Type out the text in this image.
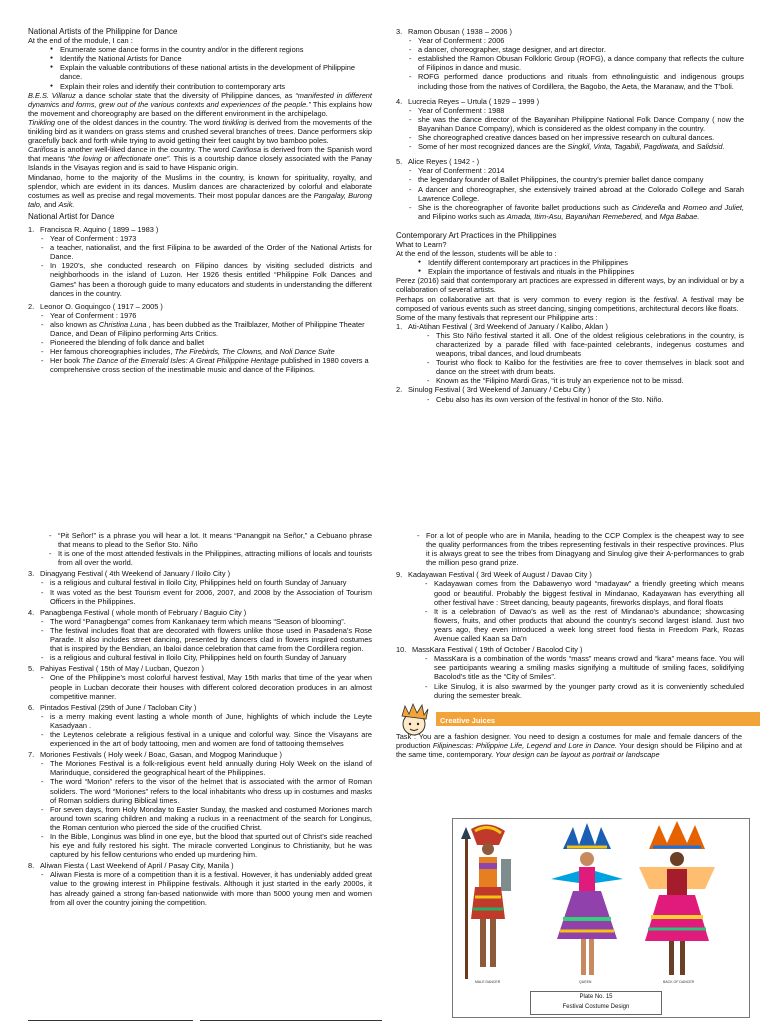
National Artists of the Philippine for Dance

At the end of the module, I can :

● Enumerate some dance forms in the country and/or in the different regions
● Identify the National Artists for Dance
● Explain the valuable contributions of these national artists in the development of Philippine dance.
● Explain their roles and identify their contribution to contemporary arts

B.E.S. Villaruz a dance scholar state that the diversity of Philippine dances, as “manifested in different dynamics and forms, grew out of the various contexts and experiences of the people.” This explains how the movement and choreography are based on the different environment in the archipelago.

Tinikling one of the oldest dances in the country. The word tinikling is derived from the movements of the tinikling bird as it wanders on grass stems and crushed several branches of trees. Dance performers skip gracefully back and forth while trying to avoid getting their feet caught by two bamboo poles.

Cariñosa is another well-liked dance in the country. The word Cariñosa is derived from the Spanish word that means “the loving or affectionate one”. This is a courtship dance closely associated with the Panay Islands in the Visayas region and is said to have Hispanic origin.

Mindanao, home to the majority of the Muslims in the country, is known for spirituality, royalty, and splendor, which are evident in its dances. Muslim dances are characterized by colorful and elaborate costumes as well as precise and regal movements. Their most popular dances are the Pangalay, Burong talo, and Asik.

National Artist for Dance

1. Francisca R. Aquino ( 1899 – 1983 )

- Year of Conferment : 1973
- a teacher, nationalist, and the first Filipina to be awarded of the Order of the National Artists for Dance.
- In 1920’s, she conducted research on Filipino dances by visiting secluded districts and neighborhoods in the island of Luzon. Her 1926 thesis entitled “Philippine Folk Dances and Games” has been a thorough guide to many educators and students in understanding the different dances in the country.
2. Leonor O. Goquingco ( 1917 – 2005 )

- Year of Conferment : 1976
- also known as Christina Luna , has been dubbed as the Trailblazer, Mother of Philippine Theater Dance, and Dean of Filipino performing Arts Critics.
- Pioneered the blending of folk dance and ballet
- Her famous choreographies includes, The Firebirds, The Clowns, and Noli Dance Suite
- Her book The Dance of the Emerald Isles: A Great Philippine Heritage published in 1980 covers a comprehensive cross section of the inestimable music and dance of the Filipinos.
3. Ramon Obusan ( 1938 – 2006 )

- Year of Conferment : 2006
- a dancer, choreographer, stage designer, and art director.
- established the Ramon Obusan Folkloric Group (ROFG), a dance company that reflects the culture of Filipinos in dance and music.
- ROFG performed dance productions and rituals from ethnolinguistic and indigenous groups including those from the natives of Cordillera, the Bagobo, the Aeta, the Maranaw, and the T’boli.
4. Lucrecia Reyes – Urtula ( 1929 – 1999 )

- Year of Conferment : 1988
- she was the dance director of the Bayanihan Philippine National Folk Dance Company ( now the Bayanihan Dance Company), which is considered as the oldest company in the country.
- She choreographed creative dances based on her impressive research on cultural dances.
- Some of her most recognized dances are the Singkil, Vinta, Tagabili, Pagdiwata, and Salidsid.
5. Alice Reyes ( 1942 - )

- Year of Conferment : 2014
- the legendary founder of Ballet Philippines, the country’s premier ballet dance company
- A dancer and choreographer, she extensively trained abroad at the Colorado College and Sarah Lawrence College.
- She is the choreographer of favorite ballet productions such as Cinderella and Romeo and Juliet, and Filipino works such as Amada, Itim-Asu, Bayanihan Remebered, and Mga Babae.

Contemporary Art Practices in the Philippines

What to Learn?

At the end of the lesson, students will be able to :

● Identify different contemporary art practices in the Philippines
● Explain the importance of festivals and rituals in the Philippines

Perez (2016) said that contemporary art practices are expressed in different ways, by an individual or by a collaboration of several artists.

Perhaps on collaborative art that is very common to every region is the festival. A festival may be composed of various events such as street dancing, singing competitions, architectural decors like floats.

Some of the many festivals that represent our Philippine arts :

1. Ati-Atihan Festival ( 3rd Weekend of January / Kalibo, Aklan )

- This Sto Niño festival started it all. One of the oldest religious celebrations in the country, is characterized by a parade filled with face-painted celebrants, indegenus costumes and weapons, tribal dances, and loud drumbeats
- Tourist who flock to Kalibo for the festivities are free to cover themselves in black soot and dance on the street with drum beats.
- Known as the “Filipino Mardi Gras, “it is truly an experience not to be missd.
2. Sinulog Festival ( 3rd Weekend of January / Cebu City )

- Cebu also has its own version of the festival in honor of the Sto. Niño.
- “Pit Señor!” is a phrase you will hear a lot. It means “Panangpit na Señor,” a Cebuano phrase that means to plead to the Señor Sto. Niño
- It is one of the most attended festivals in the Philippines, attracting millions of locals and tourists from all over the world.
3. Dinagyang Festival ( 4th Weekend of January / Iloilo City )

- is a religious and cultural festival in Iloilo City, Philippines held on fourth Sunday of January
- It was voted as the best Tourism event for 2006, 2007, and 2008 by the Association of Tourism Officers in the Philippines.
4. Panagbenga Festival ( whole month of February / Baguio City )

- The word “Panagbenga” comes from Kankanaey term which means “Season of blooming”.
- The festival includes float that are decorated with flowers unlike those used in Pasadena’s Rose Parade. It also includes street dancing, presented by dancers clad in flowers inspired costumes that is inspired by the Bendian, an Ibaloi dance celebration that came from the Cordillera region.
- is a religious and cultural festival in Iloilo City, Philippines held on fourth Sunday of January
5. Pahiyas Festival ( 15th of May / Lucban, Quezon )

- One of the Philippine’s most colorful harvest festival, May 15th marks that time of the year when people in Lucban decorate their houses with different colored decoration produces in an almost competitive manner.
6. Pintados Festival (29th of June / Tacloban City )

- is a merry making event lasting a whole month of June, highlights of which include the Leyte Kasadyaan .
- the Leytenos celebrate a religious festival in a unique and colorful way. Since the Visayans are experienced in the art of body tattooing, men and women are fond of tattooing themselves
7. Moriones Festivals ( Holy week / Boac, Gasan, and Mogpog Marinduque )

- The Moriones Festival is a folk-religious event held annually during Holy Week on the island of Marinduque, considered the geographical heart of the Philippines.
- The word “Morion” refers to the visor of the helmet that is associated with the armor of Roman soliders. The word “Moriones” refers to the local inhabitants who dress up in costumes and masks of Roman soldiers during Biblical times.
- For seven days, from Holy Monday to Easter Sunday, the masked and costumed Moriones march around town scaring children and making a ruckus in a reenactment of the search for Longinus, the Roman centurion who pierced the side of the crucified Christ.
- In the Bible, Longinus was blind in one eye, but the blood that spurted out of Christ’s side reached his eye and fully restored his sight. The miracle converted Longinus to Christianity, but he was captured by his fellow centurions who ended up murdering him.
8. Aliwan Fiesta ( Last Weekend of April / Pasay City, Manila )

- Aliwan Fiesta is more of a competition than it is a festival. However, it has undeniably added great value to the growing interest in Philippine festivals. Although it just started in the early 2000s, it has already gained a strong fan-based nationwide with more than 5000 young men and women from all over the country joining the competition.
- For a lot of people who are in Manila, heading to the CCP Complex is the cheapest way to see the quality performances from the tribes representing festivals in their respective provinces. Plus it is always great to see the tribes from Dinagyang and Sinulog give their A-performances to grab the million peso grand prize.
9. Kadayawan Festival ( 3rd Week of August / Davao City )

- Kadayawan comes from the Dabawenyo word “madayaw” a friendly greeting which means good or beautiful. Probably the biggest festival in Mindanao, Kadayawan has everything all other festival have : Street dancing, beauty pageants, fireworks displays, and floral floats
- It is a celebration of Davao’s as well as the rest of Mindanao’s abundance; showcasing flowers, fruits, and other products that abound the country’s second largest island. Just two years ago, they even introduced a week long street food fiesta in Freedom Park, Rozas Avenue called Kaan sa Da’n
10. MassKara Festival ( 19th of October / Bacolod City )

- MassKara is a combination of the words “mass” means crowd and “kara” means face. You will see participants wearing a smiling masks signifying a multitude of smiling faces, solidifying Bacolod’s title as the “City of Smiles”.
- Like Sinulog, it is also swarmed by the younger party crowd as it is conveniently scheduled during the semester break.
Creative Juices
Task : You are a fashion designer. You need to design a costumes for male and female dancers of the production Filipinescas: Philippine Life, Legend and Lore in Dance. Your design should be Filipino and at the same time, contemporary. Your design can be layout as portrait or landscape
MALE DANCER	QUEEN	BACK OF DANCER
Plate No. 15
Festival Costume Design
